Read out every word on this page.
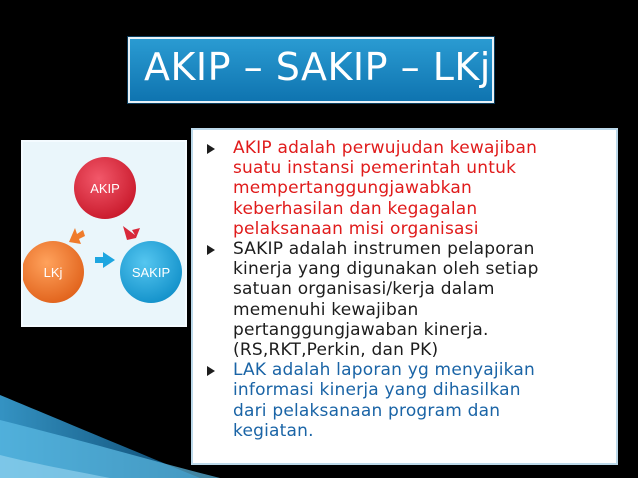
AKIP – SAKIP – LKj
AKIP
SAKIP
LKj
AKIP adalah perwujudan kewajiban
suatu instansi pemerintah untuk
mempertanggungjawabkan
keberhasilan dan kegagalan
pelaksanaan misi organisasi
SAKIP adalah instrumen pelaporan
kinerja yang digunakan oleh setiap
satuan organisasi/kerja dalam
memenuhi kewajiban
pertanggungjawaban kinerja.
(RS,RKT,Perkin, dan PK)
LAK adalah laporan yg menyajikan
informasi kinerja yang dihasilkan
dari pelaksanaan program dan
kegiatan.
